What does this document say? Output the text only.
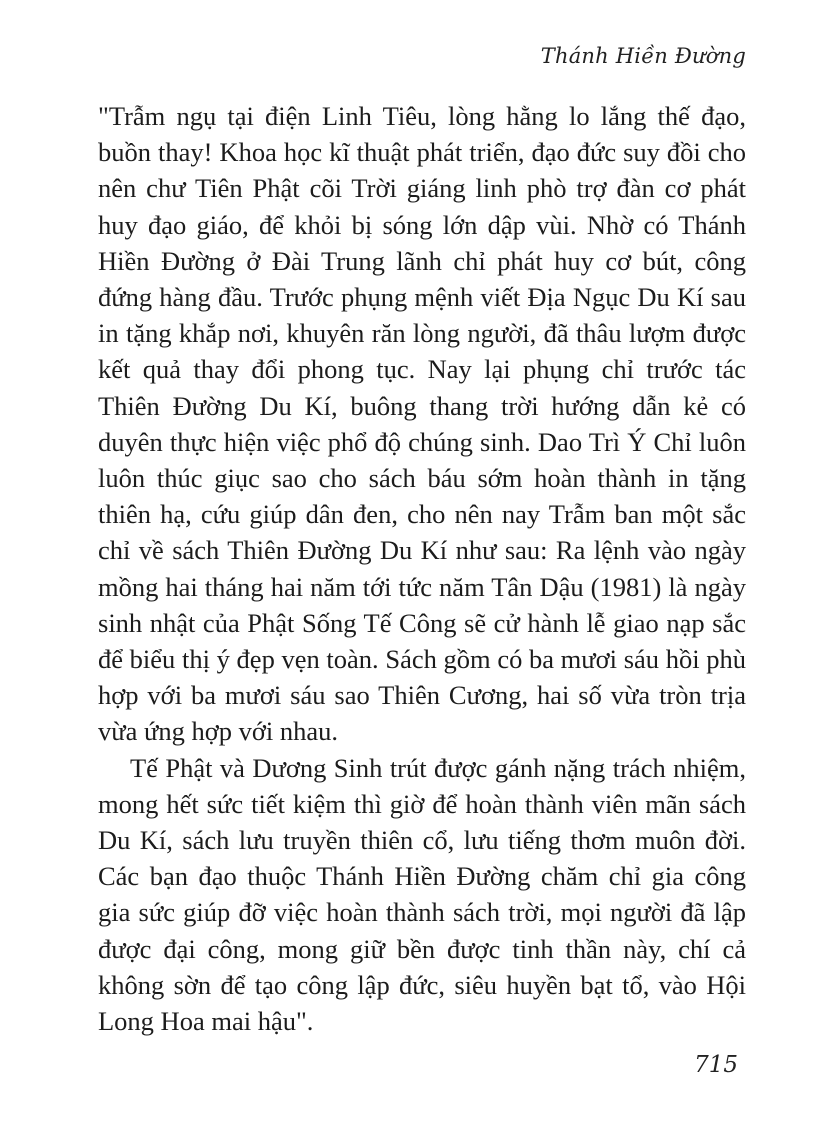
Thánh Hiền Đường

"Trẫm ngụ tại điện Linh Tiêu, lòng hằng lo lắng thế đạo, buồn thay! Khoa học kĩ thuật phát triển, đạo đức suy đồi cho nên chư Tiên Phật cõi Trời giáng linh phò trợ đàn cơ phát huy đạo giáo, để khỏi bị sóng lớn dập vùi. Nhờ có Thánh Hiền Đường ở Đài Trung lãnh chỉ phát huy cơ bút, công đứng hàng đầu. Trước phụng mệnh viết Địa Ngục Du Kí sau in tặng khắp nơi, khuyên răn lòng người, đã thâu lượm được kết quả thay đổi phong tục. Nay lại phụng chỉ trước tác Thiên Đường Du Kí, buông thang trời hướng dẫn kẻ có duyên thực hiện việc phổ độ chúng sinh. Dao Trì Ý Chỉ luôn luôn thúc giục sao cho sách báu sớm hoàn thành in tặng thiên hạ, cứu giúp dân đen, cho nên nay Trẫm ban một sắc chỉ về sách Thiên Đường Du Kí như sau: Ra lệnh vào ngày mồng hai tháng hai năm tới tức năm Tân Dậu (1981) là ngày sinh nhật của Phật Sống Tế Công sẽ cử hành lễ giao nạp sắc để biểu thị ý đẹp vẹn toàn. Sách gồm có ba mươi sáu hồi phù hợp với ba mươi sáu sao Thiên Cương, hai số vừa tròn trịa vừa ứng hợp với nhau.

Tế Phật và Dương Sinh trút được gánh nặng trách nhiệm, mong hết sức tiết kiệm thì giờ để hoàn thành viên mãn sách Du Kí, sách lưu truyền thiên cổ, lưu tiếng thơm muôn đời. Các bạn đạo thuộc Thánh Hiền Đường chăm chỉ gia công gia sức giúp đỡ việc hoàn thành sách trời, mọi người đã lập được đại công, mong giữ bền được tinh thần này, chí cả không sờn để tạo công lập đức, siêu huyền bạt tổ, vào Hội Long Hoa mai hậu".

715
